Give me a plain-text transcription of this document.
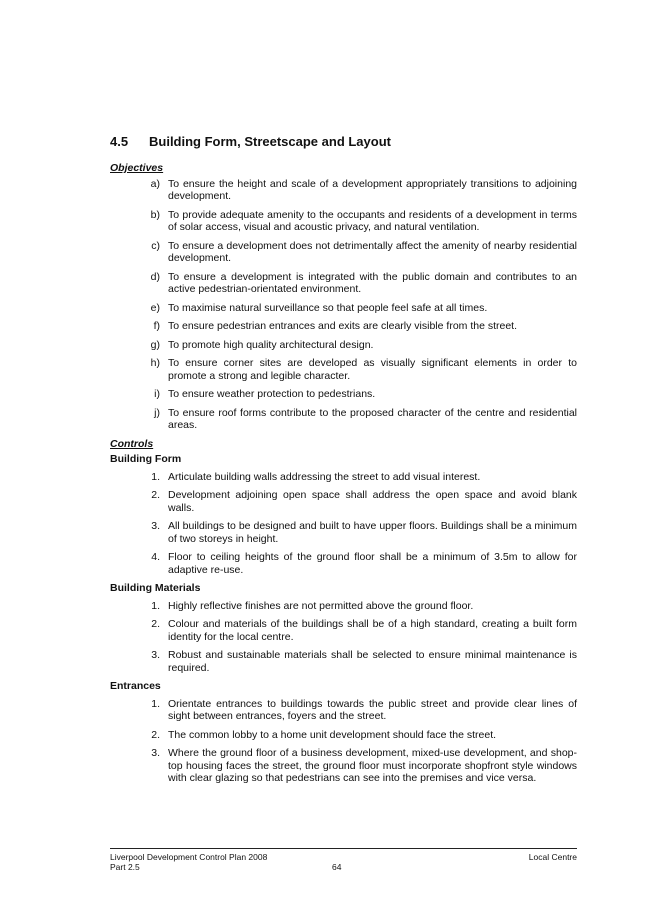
4.5 Building Form, Streetscape and Layout
Objectives
a) To ensure the height and scale of a development appropriately transitions to adjoining development.
b) To provide adequate amenity to the occupants and residents of a development in terms of solar access, visual and acoustic privacy, and natural ventilation.
c) To ensure a development does not detrimentally affect the amenity of nearby residential development.
d) To ensure a development is integrated with the public domain and contributes to an active pedestrian-orientated environment.
e) To maximise natural surveillance so that people feel safe at all times.
f) To ensure pedestrian entrances and exits are clearly visible from the street.
g) To promote high quality architectural design.
h) To ensure corner sites are developed as visually significant elements in order to promote a strong and legible character.
i) To ensure weather protection to pedestrians.
j) To ensure roof forms contribute to the proposed character of the centre and residential areas.
Controls
Building Form
1. Articulate building walls addressing the street to add visual interest.
2. Development adjoining open space shall address the open space and avoid blank walls.
3. All buildings to be designed and built to have upper floors. Buildings shall be a minimum of two storeys in height.
4. Floor to ceiling heights of the ground floor shall be a minimum of 3.5m to allow for adaptive re-use.
Building Materials
1. Highly reflective finishes are not permitted above the ground floor.
2. Colour and materials of the buildings shall be of a high standard, creating a built form identity for the local centre.
3. Robust and sustainable materials shall be selected to ensure minimal maintenance is required.
Entrances
1. Orientate entrances to buildings towards the public street and provide clear lines of sight between entrances, foyers and the street.
2. The common lobby to a home unit development should face the street.
3. Where the ground floor of a business development, mixed-use development, and shop-top housing faces the street, the ground floor must incorporate shopfront style windows with clear glazing so that pedestrians can see into the premises and vice versa.
Liverpool Development Control Plan 2008	Local Centre
Part 2.5	64
